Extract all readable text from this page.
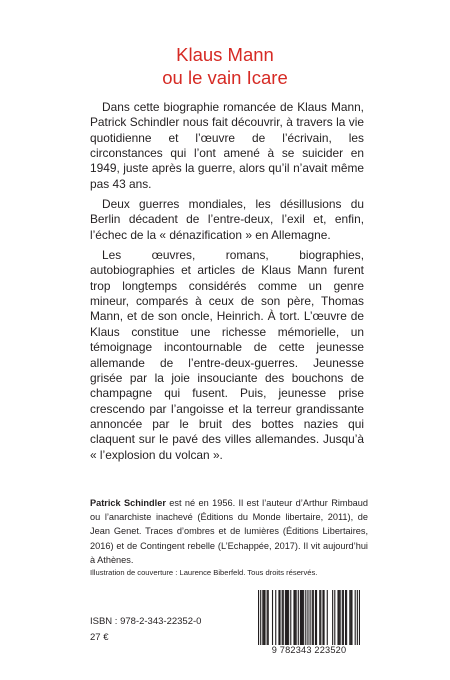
Klaus Mann
ou le vain Icare

Dans cette biographie romancée de Klaus Mann, Patrick Schindler nous fait découvrir, à travers la vie quotidienne et l’œuvre de l’écrivain, les circonstances qui l’ont amené à se suicider en 1949, juste après la guerre, alors qu’il n’avait même pas 43 ans.

Deux guerres mondiales, les désillusions du Berlin décadent de l’entre-deux, l’exil et, enfin, l’échec de la « dénazification » en Allemagne.

Les œuvres, romans, biographies, autobiographies et articles de Klaus Mann furent trop longtemps considérés comme un genre mineur, comparés à ceux de son père, Thomas Mann, et de son oncle, Heinrich. À tort. L’œuvre de Klaus constitue une richesse mémorielle, un témoignage incontournable de cette jeunesse allemande de l’entre-deux-guerres. Jeunesse grisée par la joie insouciante des bouchons de champagne qui fusent. Puis, jeunesse prise crescendo par l’angoisse et la terreur grandissante annoncée par le bruit des bottes nazies qui claquent sur le pavé des villes allemandes. Jusqu’à « l’explosion du volcan ».

Patrick Schindler est né en 1956. Il est l’auteur d’Arthur Rimbaud ou l’anarchiste inachevé (Éditions du Monde libertaire, 2011), de Jean Genet. Traces d’ombres et de lumières (Éditions Libertaires, 2016) et de Contingent rebelle (L’Echappée, 2017). Il vit aujourd’hui à Athènes.
Illustration de couverture : Laurence Biberfeld. Tous droits réservés.
ISBN : 978-2-343-22352-0
27 €
9 782343 223520
